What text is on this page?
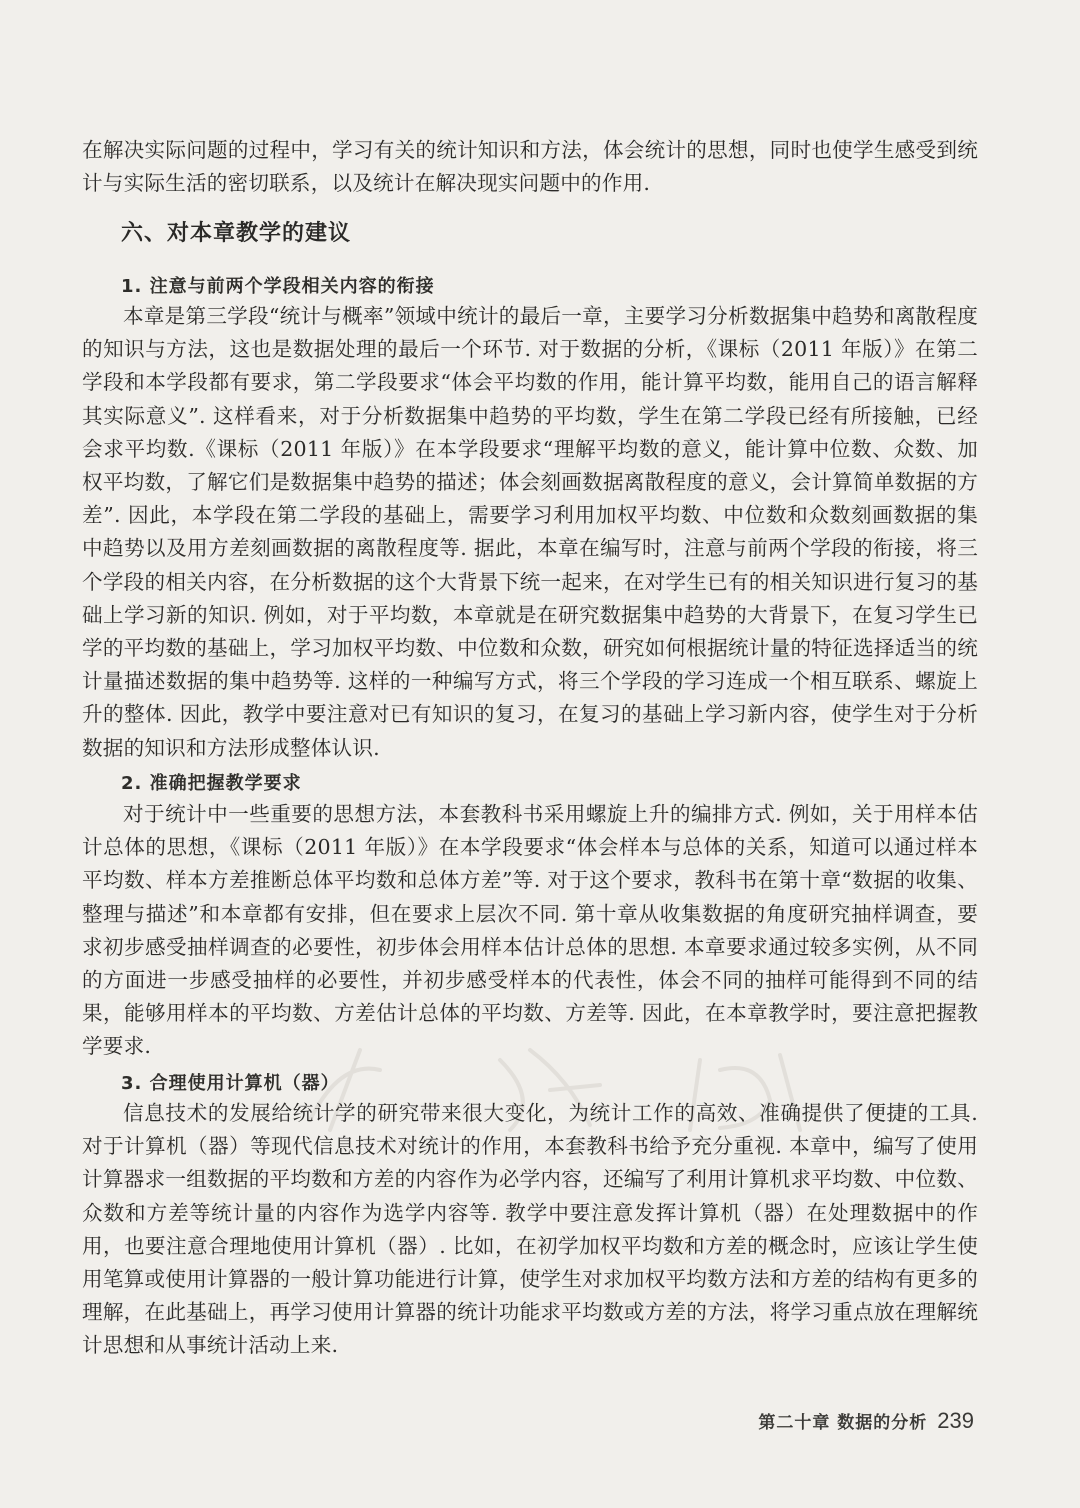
在解决实际问题的过程中，学习有关的统计知识和方法，体会统计的思想，同时也使学生感受到统计与实际生活的密切联系，以及统计在解决现实问题中的作用.

六、对本章教学的建议
1. 注意与前两个学段相关内容的衔接

本章是第三学段“统计与概率”领域中统计的最后一章，主要学习分析数据集中趋势和离散程度的知识与方法，这也是数据处理的最后一个环节. 对于数据的分析，《课标（2011 年版）》在第二学段和本学段都有要求，第二学段要求“体会平均数的作用，能计算平均数，能用自己的语言解释其实际意义”. 这样看来，对于分析数据集中趋势的平均数，学生在第二学段已经有所接触，已经会求平均数.《课标（2011 年版）》在本学段要求“理解平均数的意义，能计算中位数、众数、加权平均数，了解它们是数据集中趋势的描述；体会刻画数据离散程度的意义，会计算简单数据的方差”. 因此，本学段在第二学段的基础上，需要学习利用加权平均数、中位数和众数刻画数据的集中趋势以及用方差刻画数据的离散程度等. 据此，本章在编写时，注意与前两个学段的衔接，将三个学段的相关内容，在分析数据的这个大背景下统一起来，在对学生已有的相关知识进行复习的基础上学习新的知识. 例如，对于平均数，本章就是在研究数据集中趋势的大背景下，在复习学生已学的平均数的基础上，学习加权平均数、中位数和众数，研究如何根据统计量的特征选择适当的统计量描述数据的集中趋势等. 这样的一种编写方式，将三个学段的学习连成一个相互联系、螺旋上升的整体. 因此，教学中要注意对已有知识的复习，在复习的基础上学习新内容，使学生对于分析数据的知识和方法形成整体认识.

2. 准确把握教学要求

对于统计中一些重要的思想方法，本套教科书采用螺旋上升的编排方式. 例如，关于用样本估计总体的思想，《课标（2011 年版）》在本学段要求“体会样本与总体的关系，知道可以通过样本平均数、样本方差推断总体平均数和总体方差”等. 对于这个要求，教科书在第十章“数据的收集、整理与描述”和本章都有安排，但在要求上层次不同. 第十章从收集数据的角度研究抽样调查，要求初步感受抽样调查的必要性，初步体会用样本估计总体的思想. 本章要求通过较多实例，从不同的方面进一步感受抽样的必要性，并初步感受样本的代表性，体会不同的抽样可能得到不同的结果，能够用样本的平均数、方差估计总体的平均数、方差等. 因此，在本章教学时，要注意把握教学要求.

3. 合理使用计算机（器）

信息技术的发展给统计学的研究带来很大变化，为统计工作的高效、准确提供了便捷的工具. 对于计算机（器）等现代信息技术对统计的作用，本套教科书给予充分重视. 本章中，编写了使用计算器求一组数据的平均数和方差的内容作为必学内容，还编写了利用计算机求平均数、中位数、众数和方差等统计量的内容作为选学内容等. 教学中要注意发挥计算机（器）在处理数据中的作用，也要注意合理地使用计算机（器）. 比如，在初学加权平均数和方差的概念时，应该让学生使用笔算或使用计算器的一般计算功能进行计算，使学生对求加权平均数方法和方差的结构有更多的理解，在此基础上，再学习使用计算器的统计功能求平均数或方差的方法，将学习重点放在理解统计思想和从事统计活动上来.

第二十章 数据的分析 239
